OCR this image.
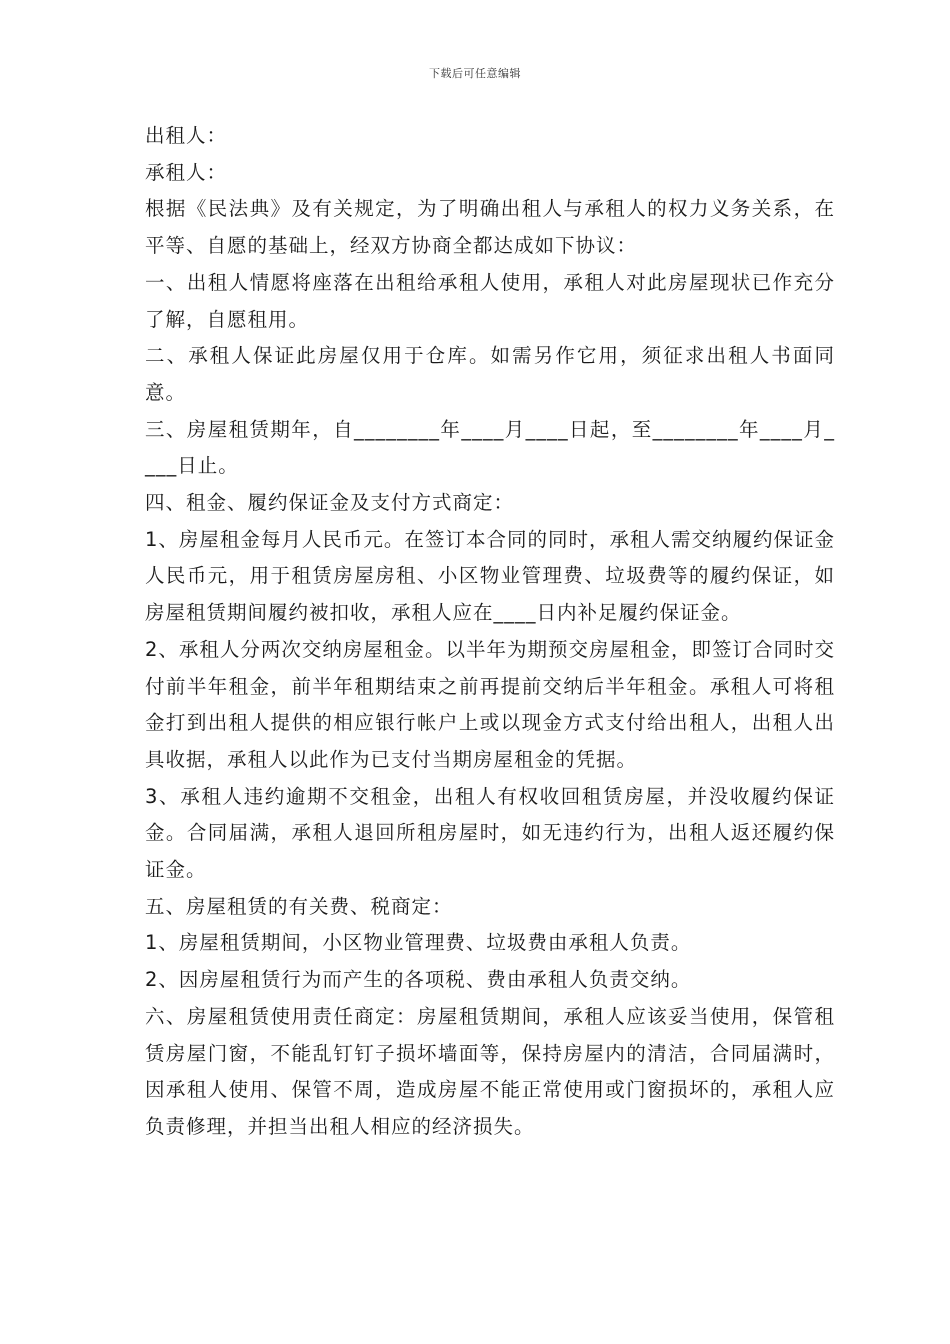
下载后可任意编辑

出租人：

承租人：

根据《民法典》及有关规定，为了明确出租人与承租人的权力义务关系，在平等、自愿的基础上，经双方协商全都达成如下协议：

一、出租人情愿将座落在出租给承租人使用，承租人对此房屋现状已作充分了解，自愿租用。

二、承租人保证此房屋仅用于仓库。如需另作它用，须征求出租人书面同意。

三、房屋租赁期年，自________年____月____日起，至________年____月____日止。

四、租金、履约保证金及支付方式商定：

1、房屋租金每月人民币元。在签订本合同的同时，承租人需交纳履约保证金人民币元，用于租赁房屋房租、小区物业管理费、垃圾费等的履约保证，如房屋租赁期间履约被扣收，承租人应在____日内补足履约保证金。

2、承租人分两次交纳房屋租金。以半年为期预交房屋租金，即签订合同时交付前半年租金，前半年租期结束之前再提前交纳后半年租金。承租人可将租金打到出租人提供的相应银行帐户上或以现金方式支付给出租人，出租人出具收据，承租人以此作为已支付当期房屋租金的凭据。

3、承租人违约逾期不交租金，出租人有权收回租赁房屋，并没收履约保证金。合同届满，承租人退回所租房屋时，如无违约行为，出租人返还履约保证金。

五、房屋租赁的有关费、税商定：

1、房屋租赁期间，小区物业管理费、垃圾费由承租人负责。

2、因房屋租赁行为而产生的各项税、费由承租人负责交纳。

六、房屋租赁使用责任商定：房屋租赁期间，承租人应该妥当使用，保管租赁房屋门窗，不能乱钉钉子损坏墙面等，保持房屋内的清洁，合同届满时，因承租人使用、保管不周，造成房屋不能正常使用或门窗损坏的，承租人应负责修理，并担当出租人相应的经济损失。
